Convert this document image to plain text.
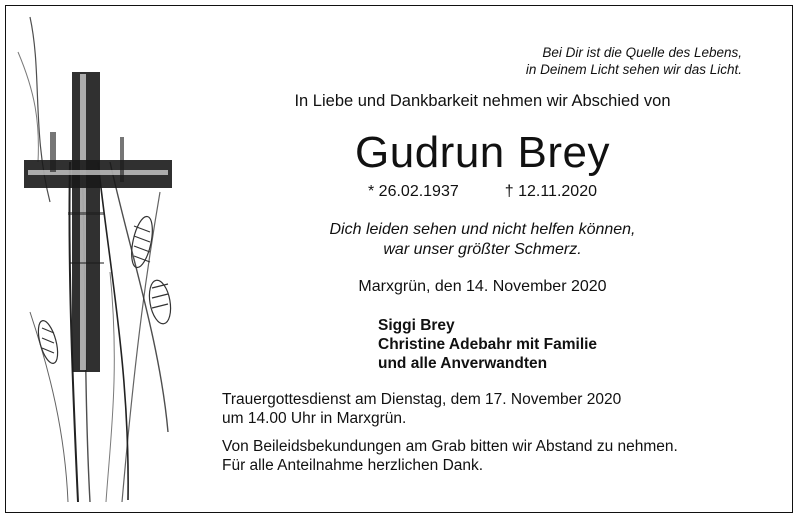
Bei Dir ist die Quelle des Lebens,
in Deinem Licht sehen wir das Licht.
In Liebe und Dankbarkeit nehmen wir Abschied von
Gudrun Brey
* 26.02.1937	† 12.11.2020
Dich leiden sehen und nicht helfen können,
war unser größter Schmerz.
Marxgrün, den 14. November 2020
Siggi Brey
Christine Adebahr mit Familie
und alle Anverwandten
Trauergottesdienst am Dienstag, dem 17. November 2020
um 14.00 Uhr in Marxgrün.
Von Beileidsbekundungen am Grab bitten wir Abstand zu nehmen.
Für alle Anteilnahme herzlichen Dank.
